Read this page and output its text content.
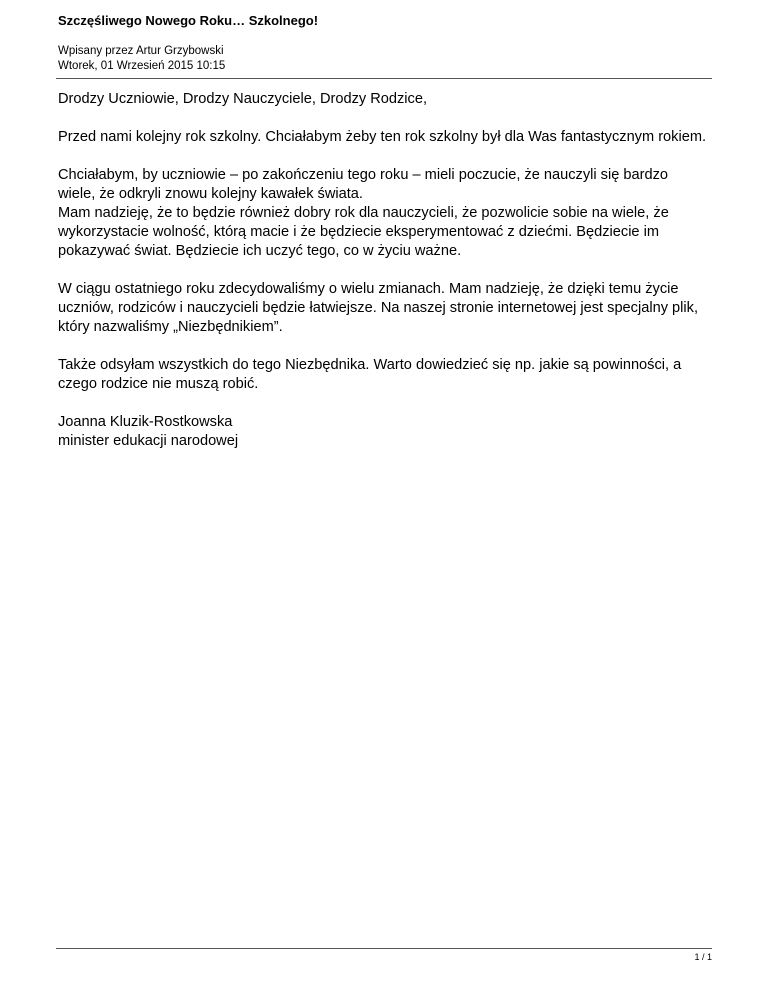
Szczęśliwego Nowego Roku… Szkolnego!
Wpisany przez Artur Grzybowski
Wtorek, 01 Wrzesień 2015 10:15

Drodzy Uczniowie, Drodzy Nauczyciele, Drodzy Rodzice,

Przed nami kolejny rok szkolny. Chciałabym żeby ten rok szkolny był dla Was fantastycznym rokiem.

Chciałabym, by uczniowie – po zakończeniu tego roku – mieli poczucie, że nauczyli się bardzo wiele, że odkryli znowu kolejny kawałek świata.
Mam nadzieję, że to będzie również dobry rok dla nauczycieli, że pozwolicie sobie na wiele, że wykorzystacie wolność, którą macie i że będziecie eksperymentować z dziećmi. Będziecie im pokazywać świat. Będziecie ich uczyć tego, co w życiu ważne.

W ciągu ostatniego roku zdecydowaliśmy o wielu zmianach. Mam nadzieję, że dzięki temu życie uczniów, rodziców i nauczycieli będzie łatwiejsze. Na naszej stronie internetowej jest specjalny plik, który nazwaliśmy „Niezbędnikiem”.

Także odsyłam wszystkich do tego Niezbędnika. Warto dowiedzieć się np. jakie są powinności, a czego rodzice nie muszą robić.

Joanna Kluzik-Rostkowska
minister edukacji narodowej

1 / 1
